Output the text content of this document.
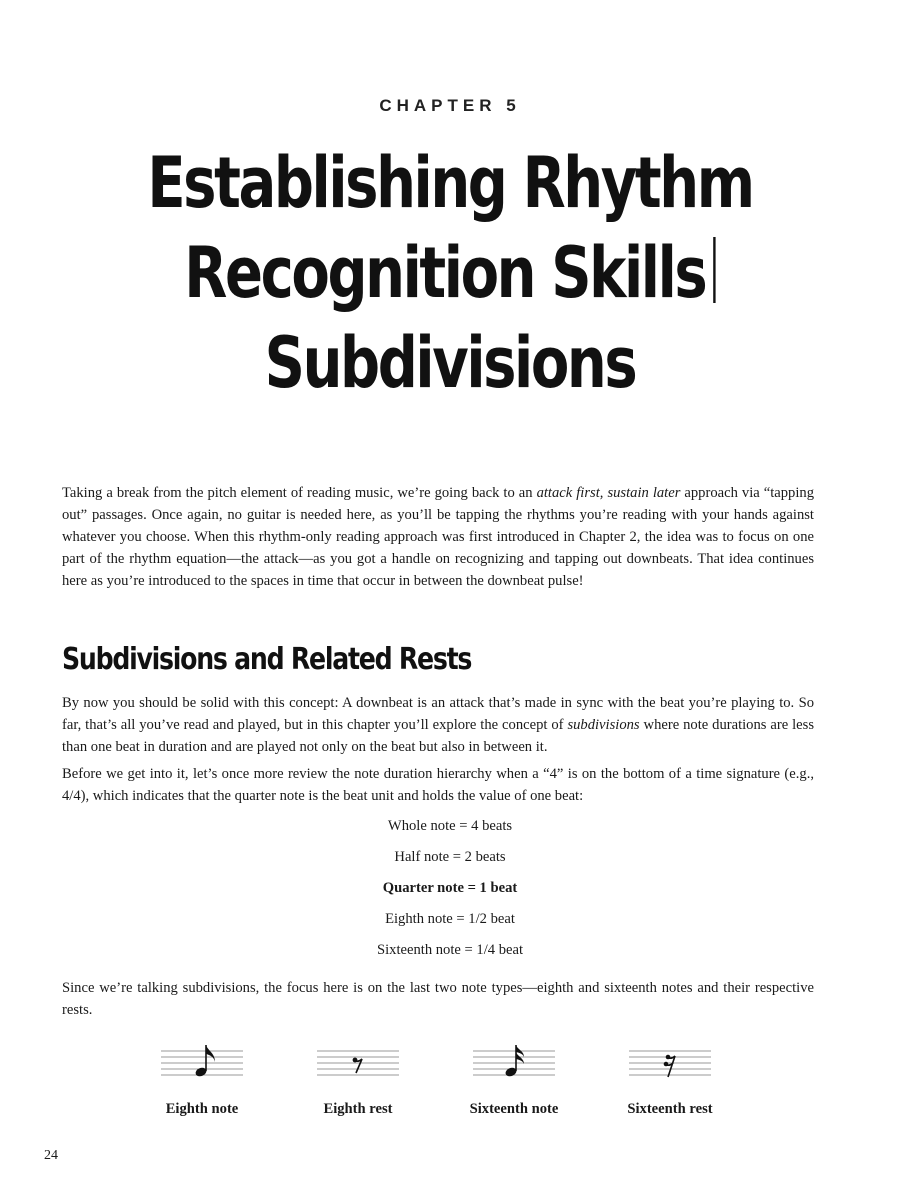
CHAPTER 5
Establishing Rhythm
Recognition Skills
Subdivisions

Taking a break from the pitch element of reading music, we’re going back to an attack first, sustain later approach via “tapping out” passages. Once again, no guitar is needed here, as you’ll be tapping the rhythms you’re reading with your hands against whatever you choose. When this rhythm-only reading approach was first introduced in Chapter 2, the idea was to focus on one part of the rhythm equation—the attack—as you got a handle on recognizing and tapping out downbeats. That idea continues here as you’re introduced to the spaces in time that occur in between the downbeat pulse!

Subdivisions and Related Rests

By now you should be solid with this concept: A downbeat is an attack that’s made in sync with the beat you’re playing to. So far, that’s all you’ve read and played, but in this chapter you’ll explore the concept of subdivisions where note durations are less than one beat in duration and are played not only on the beat but also in between it.

Before we get into it, let’s once more review the note duration hierarchy when a “4” is on the bottom of a time signature (e.g., 4/4), which indicates that the quarter note is the beat unit and holds the value of one beat:

Whole note = 4 beats
Half note = 2 beats
Quarter note = 1 beat
Eighth note = 1/2 beat
Sixteenth note = 1/4 beat

Since we’re talking subdivisions, the focus here is on the last two note types—eighth and sixteenth notes and their respective rests.

Eighth note	Eighth rest	Sixteenth note	Sixteenth rest
24
